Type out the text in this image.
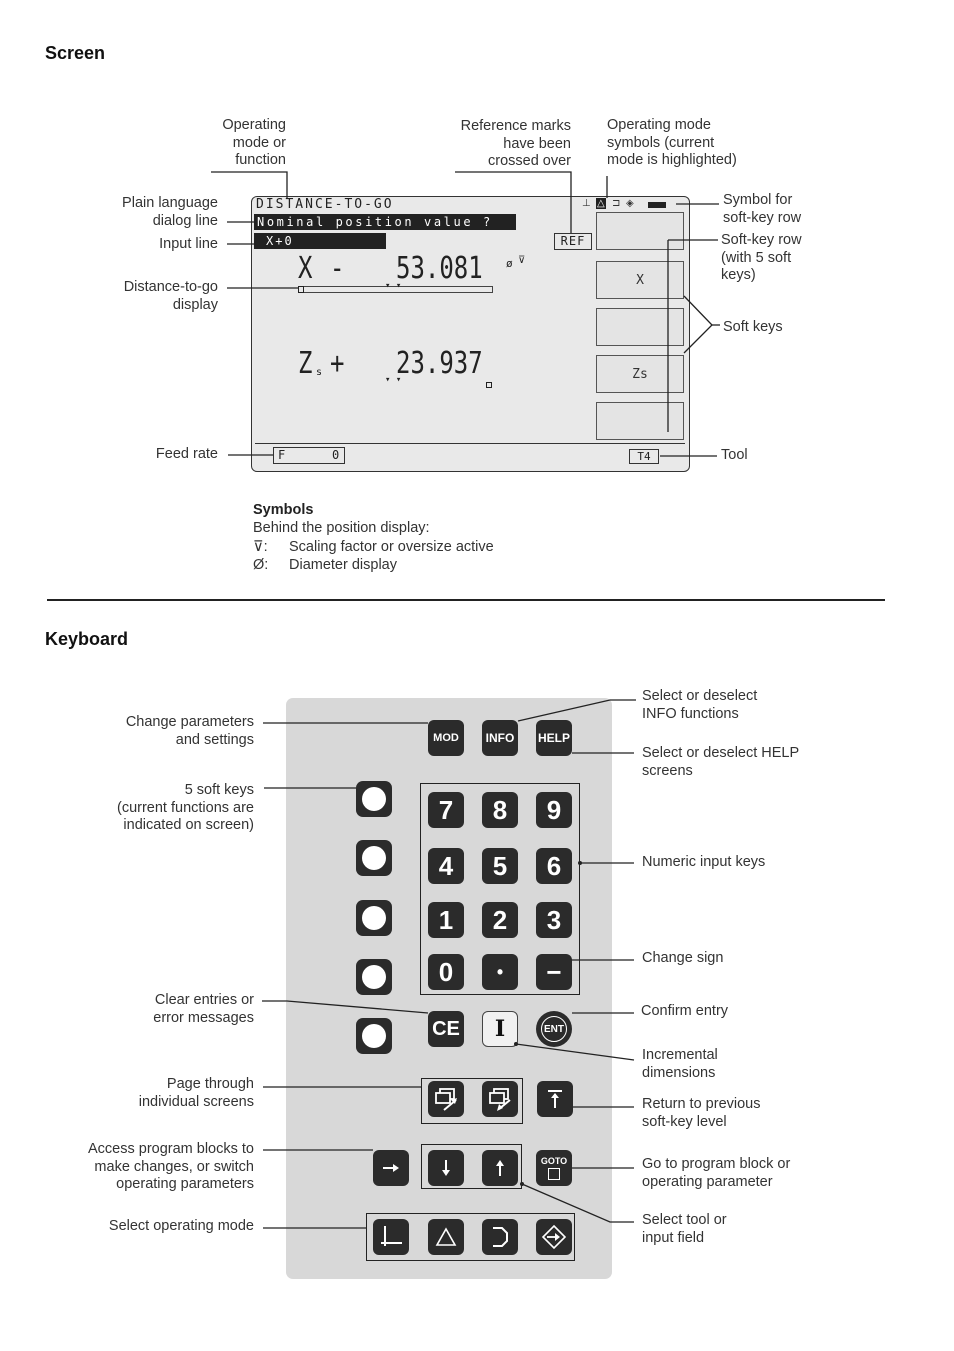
Screen
Keyboard
Operating
mode or
function
Reference marks
have been
crossed over
Operating mode
symbols (current
mode is highlighted)
Plain language
dialog line
Input line
Distance-to-go
display
Feed rate
Symbol for
soft-key row
Soft-key row
(with 5 soft
keys)
Soft keys
Tool
DISTANCE-TO-GO	⊥ △ ⊐ ◈
Nominal position value ?
X+0	REF
X - 53.081 ø ⊽
▾ ▾
Z s + 23.937
▾ ▾
F	0	T4
X
Zs
Symbols
Behind the position display:
⊽: Scaling factor or oversize active
Ø: Diameter display
MOD	INFO	HELP
7	8	9
4	5	6
1	2	3
0	•	−
CE	I	ENT
GOTO
Change parameters
and settings
5 soft keys
(current functions are
indicated on screen)
Clear entries or
error messages
Page through
individual screens
Access program blocks to
make changes, or switch
operating parameters
Select operating mode
Select or deselect
INFO functions
Select or deselect HELP
screens
Numeric input keys
Change sign
Confirm entry
Incremental
dimensions
Return to previous
soft-key level
Go to program block or
operating parameter
Select tool or
input field
